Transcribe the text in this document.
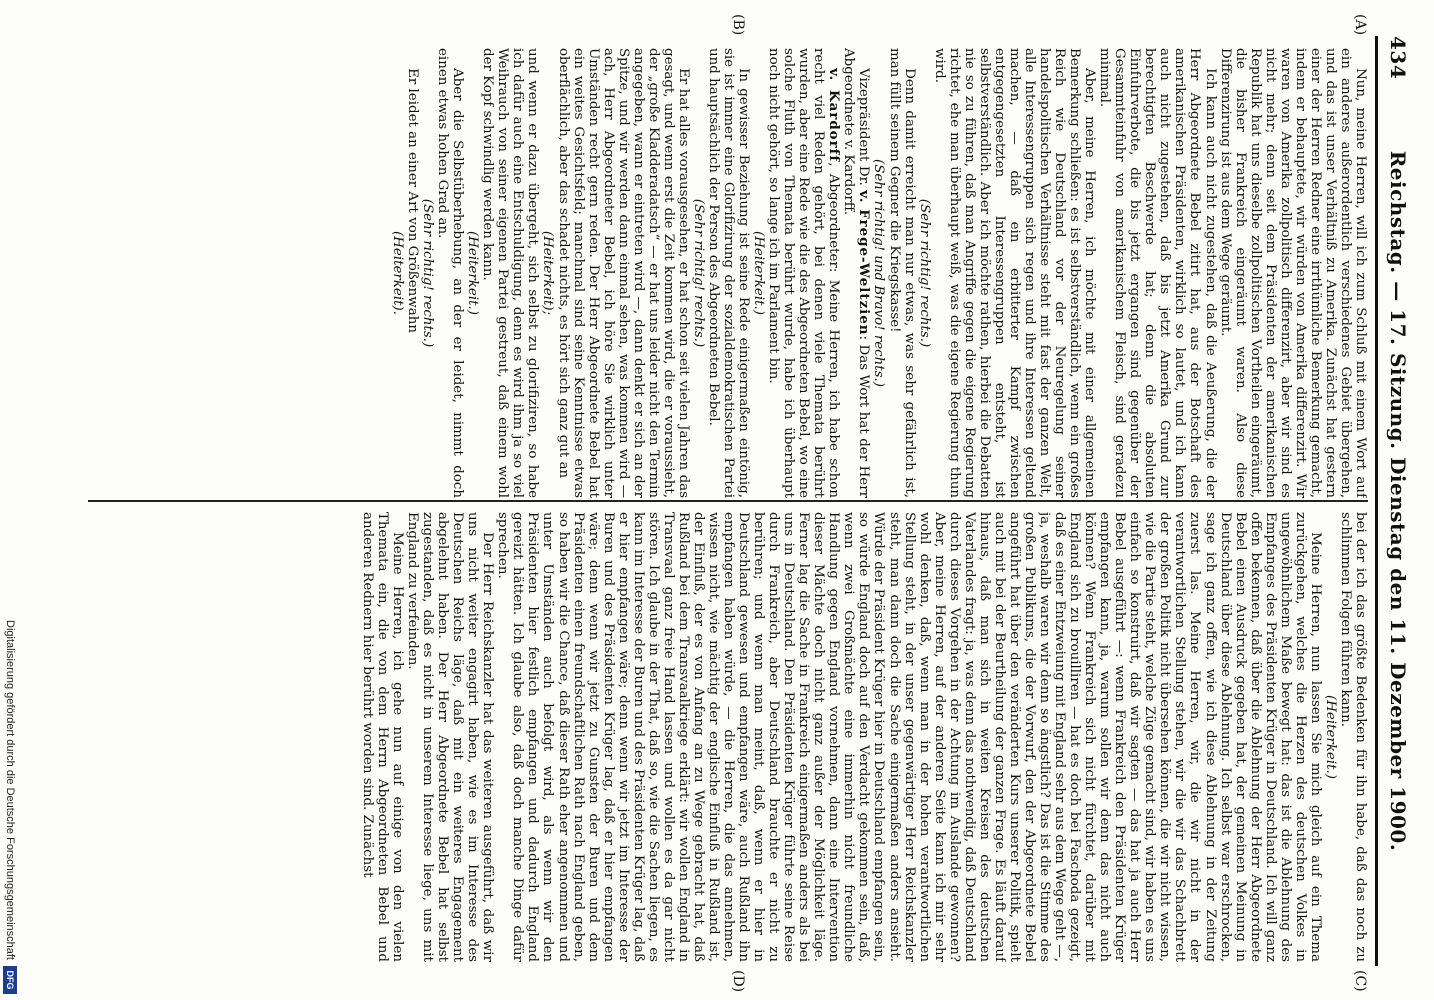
434
Reichstag. — 17. Sitzung. Dienstag den 11. Dezember 1900.
(A)
(B)
(C)
(D)

Nun, meine Herren, will ich zum Schluß mit einem Wort auf ein anderes außerordentlich verschiedenes Gebiet übergehen, und das ist unser Verhältniß zu Amerika. Zunächst hat gestern einer der Herren Redner eine irrthümliche Bemerkung gemacht, indem er behauptete, wir würden von Amerika differenzirt. Wir waren von Amerika zollpolitisch differenzirt, aber wir sind es nicht mehr; denn seit dem Präsidenten der amerikanischen Republik hat uns dieselbe zollpolitischen Vortheilen eingeräumt, die bisher Frankreich eingeräumt waren. Also diese Differenzirung ist aus dem Wege geräumt.

Ich kann auch nicht zugestehen, daß die Aeußerung, die der Herr Abgeordnete Bebel zitirt hat, aus der Botschaft des amerikanischen Präsidenten, wirklich so lautet, und ich kann auch nicht zugestehen, daß bis jetzt Amerika Grund zur berechtigten Beschwerde hat; denn die absoluten Einfuhrverbote, die bis jetzt ergangen sind gegenüber der Gesammteinfuhr von amerikanischem Fleisch, sind geradezu minimal.

Aber, meine Herren, ich möchte mit einer allgemeinen Bemerkung schließen: es ist selbstverständlich, wenn ein großes Reich wie Deutschland vor der Neuregelung seiner handelspolitischen Verhältnisse steht mit fast der ganzen Welt, alle Interessengruppen sich regen und ihre Interessen geltend machen, — daß ein erbitterter Kampf zwischen entgegengesetzten Interessengruppen entsteht, ist selbstverständlich. Aber ich möchte rathen, hierbei die Debatten nie so zu führen, daß man Angriffe gegen die eigene Regierung richtet, ehe man überhaupt weiß, was die eigene Regierung thun wird.

(Sehr richtig! rechts.)

Denn damit erreicht man nur etwas, was sehr gefährlich ist, man füllt seinem Gegner die Kriegskasse!

(Sehr richtig! und Bravo! rechts.)

Vizepräsident Dr. v. Frege-Weltzien: Das Wort hat der Herr Abgeordnete v. Kardorff.

v. Kardorff, Abgeordneter: Meine Herren, ich habe schon recht viel Reden gehört, bei denen viele Themata berührt wurden, aber eine Rede wie die des Abgeordneten Bebel, wo eine solche Fluth von Themata berührt wurde, habe ich überhaupt noch nicht gehört, so lange ich im Parlament bin.

(Heiterkeit.)

In gewisser Beziehung ist seine Rede einigermaßen eintönig, sie ist immer eine Glorifizirung der sozialdemokratischen Partei und hauptsächlich der Person des Abgeordneten Bebel.

(Sehr richtig! rechts.)

Er hat alles vorausgesehen, er hat schon seit vielen Jahren das gesagt, und wenn erst die Zeit kommen wird, die er voraussieht, der „große Kladderadatsch“ — er hat uns leider nicht den Termin angegeben, wann er eintreten wird —, dann denkt er sich an der Spitze, und wir werden dann einmal sehen, was kommen wird — ach, Herr Abgeordneter Bebel, ich höre Sie wirklich unter Umständen recht gern reden. Der Herr Abgeordnete Bebel hat ein weites Gesichtsfeld; manchmal sind seine Kenntnisse etwas oberflächlich, aber das schadet nichts, es hört sich ganz gut an

(Heiterkeit);

und wenn er dazu übergeht, sich selbst zu glorifiziren, so habe ich dafür auch eine Entschuldigung, denn es wird ihm ja so viel Weihrauch von seiner eigenen Partei gestreut, daß einem wohl der Kopf schwindlig werden kann.

(Heiterkeit.)

Aber die Selbstüberhebung, an der er leidet, nimmt doch einen etwas hohen Grad an.

(Sehr richtig! rechts.)

Er leidet an einer Art von Größenwahn

(Heiterkeit).

bei der ich das größte Bedenken für ihn habe, daß das noch zu schlimmen Folgen führen kann.

(Heiterkeit.)

Meine Herren, nun lassen Sie mich gleich auf ein Thema zurückgehen, welches die Herzen des deutschen Volkes in ungewöhnlichem Maße bewegt hat: das ist die Ablehnung des Empfanges des Präsidenten Krüger in Deutschland. Ich will ganz offen bekennen, daß über die Ablehnung der Herr Abgeordnete Bebel einen Ausdruck gegeben hat, der gemeinen Meinung in Deutschland über diese Ablehnung. Ich selbst war erschrocken, sage ich ganz offen, wie ich diese Ablehnung in der Zeitung zuerst las. Meine Herren, wir, die wir nicht in der verantwortlichen Stellung stehen, wir die wir das Schachbrett der großen Politik nicht übersehen können, die wir nicht wissen, wie die Partie steht, welche Züge gemacht sind, wir haben es uns einfach so konstruirt, daß wir sagten — das hat ja auch Herr Bebel ausgeführt —: wenn Frankreich den Präsidenten Krüger empfangen kann, ja, warum sollen wir denn das nicht auch können? Wenn Frankreich sich nicht fürchtet, darüber mit England sich zu brouilliren — hat es doch bei Faschoda gezeigt, daß es einer Entzweiung mit England sehr aus dem Wege geht —, ja, weshalb waren wir denn so ängstlich? Das ist die Stimme des großen Publikums, die der Vorwurf, den der Abgeordnete Bebel angeführt hat über den veränderten Kurs unserer Politik, spielt auch mit bei der Beurtheilung der ganzen Frage. Es läuft darauf hinaus, daß man sich in weiten Kreisen des deutschen Vaterlandes fragt: ja, was denn das nothwendig, daß Deutschland durch dieses Vorgehen in der Achtung im Auslande gewonnen? Aber, meine Herren, auf der anderen Seite kann ich mir sehr wohl denken, daß, wenn man in der hohen verantwortlichen Stellung steht, in der unser gegenwärtiger Herr Reichskanzler steht, man dann doch die Sache einigermaßen anders ansieht. Würde der Präsident Krüger hier in Deutschland empfangen sein, so würde England doch auf den Verdacht gekommen sein, daß, wenn zwei Großmächte eine immerhin nicht freundliche Handlung gegen England vornehmen, dann eine Intervention dieser Mächte doch nicht ganz außer der Möglichkeit läge. Ferner lag die Sache in Frankreich einigermaßen anders als bei uns in Deutschland. Den Präsidenten Krüger führte seine Reise durch Frankreich, aber Deutschland brauchte er nicht zu berühren; und wenn man meint, daß, wenn er hier in Deutschland gewesen und empfangen wäre, auch Rußland ihn empfangen haben würde, — die Herren, die das annehmen, wissen nicht, wie mächtig der englische Einfluß in Rußland ist, der Einfluß, der es von Anfang an zu Wege gebracht hat, daß Rußland bei dem Transvaalkriege erklärt: wir wollen England in Transvaal ganz freie Hand lassen und wollen es da gar nicht stören. Ich glaube in der That, daß so, wie die Sachen liegen, es kann im Interesse der Buren und des Präsidenten Krüger lag, daß er hier empfangen wäre; denn wenn wir jetzt im Interesse der Buren und des Präsidenten Krüger lag, daß er hier empfangen wäre; denn wenn wir jetzt zu Gunsten der Buren und dem Präsidenten einen freundschaftlichen Rath nach England geben, so haben wir die Chance, daß dieser Rath eher angenommen und unter Umständen auch befolgt wird, als wenn wir den Präsidenten hier festlich empfangen und dadurch England gereizt hätten. Ich glaube also, daß doch manche Dinge dafür sprechen.

Der Herr Reichskanzler hat das weiteren ausgeführt, daß wir uns nicht weiter engagirt haben, wie es im Interesse des Deutschen Reichs läge, daß mit ein weiteres Engagement abgelehnt haben. Der Herr Abgeordnete Bebel hat selbst zugestanden, daß es nicht in unserem Interesse liege, uns mit England zu verfeinden.

Meine Herren, ich gehe nun auf einige von den vielen Themata ein, die von dem Herrn Abgeordneten Bebel und anderen Rednern hier berührt worden sind. Zunächst

Digitalisierung gefördert durch die Deutsche Forschungsgemeinschaft
DFG
